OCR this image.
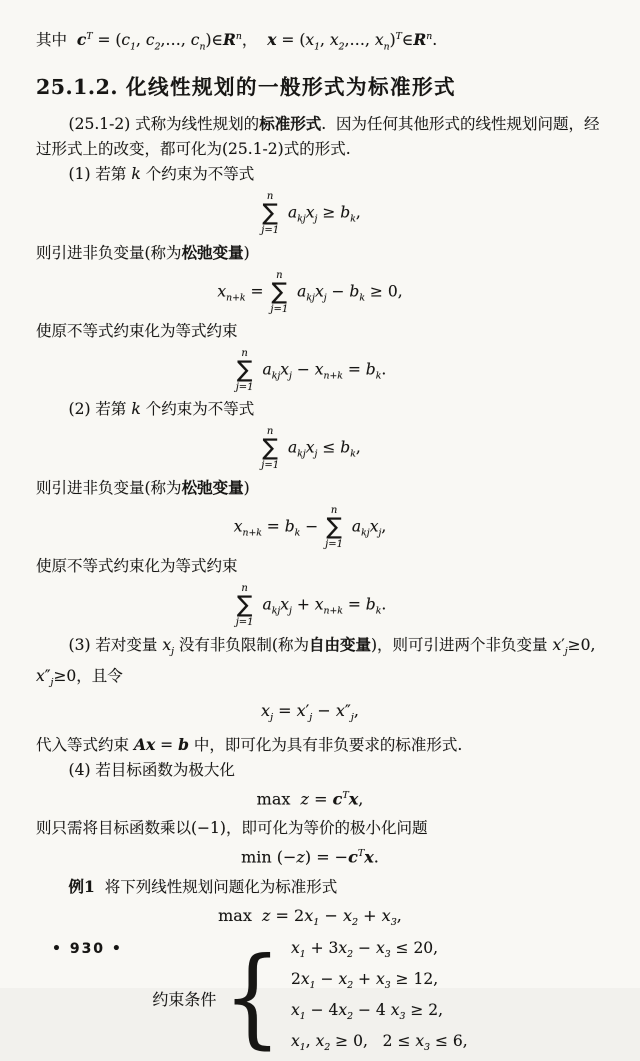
其中  $c^T = (c_1$, $c_2,\dots$, $c_n)\in R^n$，  $x = (x_1$, $x_2,\dots$, $x_n)^T\in R^n$.

25.1.2. 化线性规划的一般形式为标准形式

(25.1-2) 式称为线性规划的标准形式.  因为任何其他形式的线性规划问题，经过形式上的改变，都可化为(25.1-2)式的形式.

(1) 若第 k 个约束为不等式

n
∑
j=1
$a_{kj}x_j \ge b_k$,

则引进非负变量(称为松弛变量)

$x_{n+k}$ =
n
∑
j=1
$a_{kj}x_j - b_k \ge 0$,

使原不等式约束化为等式约束

n
∑
j=1
$a_{kj}x_j - x_{n+k} = b_k$.

(2) 若第 k 个约束为不等式

n
∑
j=1
$a_{kj}x_j \le b_k$,

则引进非负变量(称为松弛变量)

$x_{n+k} = b_k$ −
n
∑
j=1
$a_{kj}x_j$,

使原不等式约束化为等式约束

n
∑
j=1
$a_{kj}x_j + x_{n+k} = b_k$.

(3) 若对变量 $x_j$ 没有非负限制(称为自由变量)，则可引进两个非负变量 $x'_j\ge 0$, $x''_j\ge 0$，且令

$x_j = x'_j - x''_j$,

代入等式约束 Ax = b 中，即可化为具有非负要求的标准形式.

(4) 若目标函数为极大化

$\max z = c^Tx$,

则只需将目标函数乘以(−1)，即可化为等价的极小化问题

$\min (-z) = -c^Tx$.

例1 将下列线性规划问题化为标准形式

$\max z = 2x_1 - x_2 + x_3$,
约束条件 { $x_1 + 3x_2 - x_3 \le 20$,
$2x_1 - x_2 + x_3 \ge 12$,
$x_1 - 4x_2 - 4$ $x_3 \ge 2$,
$x_1$, $x_2 \ge 0$,   $2 \le x_3 \le 6$,
• 930 •
